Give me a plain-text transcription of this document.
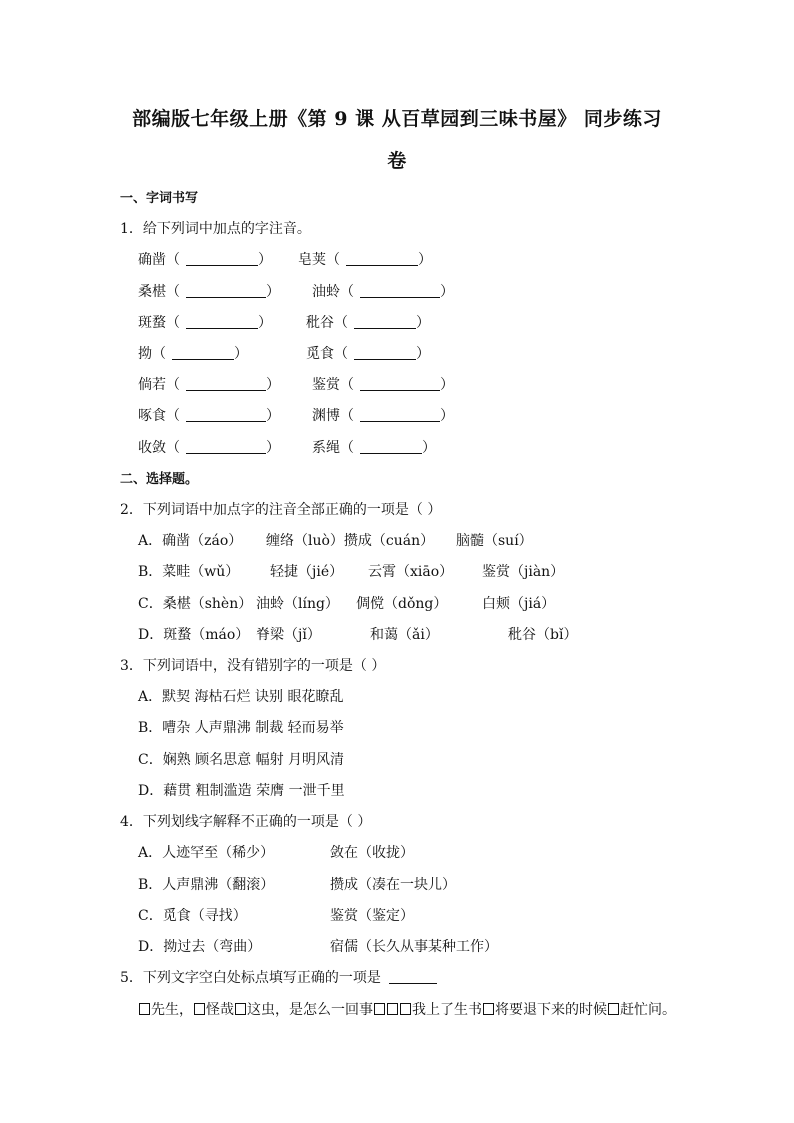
部编版七年级上册《第 9 课 从百草园到三味书屋》 同步练习
卷
一、字词书写
1．给下列词中加点的字注音。
确凿（	） 皂荚（	）
桑椹（	） 油蛉（	）
斑蝥（	） 秕谷（	）
拗（	）	觅食（	）
倘若（	） 鉴赏（	）
啄食（	） 渊博（	）
收敛（	） 系绳（	）
二、选择题。
2．下列词语中加点字的注音全部正确的一项是（ ）
A．确凿（záo） 缠络（luò）攒成（cuán） 脑髓（suí）
B．菜畦（wǔ） 轻捷（jié） 云霄（xiāo） 鉴赏（jiàn）
C．桑椹（shèn） 油蛉（líng） 倜傥（dǒng） 白颊（jiá）
D．斑蝥（máo） 脊梁（jǐ）	和蔼（ǎi）	秕谷（bǐ）
3．下列词语中，没有错别字的一项是（ ）
A．默契 海枯石烂 诀别 眼花瞭乱
B．嘈杂 人声鼎沸 制裁 轻而易举
C．娴熟 顾名思意 幅射 月明风清
D．藉贯 粗制滥造 荣膺 一泄千里
4．下列划线字解释不正确的一项是（ ）
A．人迹罕至（稀少）	敛在（收拢）
B．人声鼎沸（翻滚）	攒成（凑在一块儿）
C．觅食（寻找）	鉴赏（鉴定）
D．拗过去（弯曲）	宿儒（长久从事某种工作）
5．下列文字空白处标点填写正确的一项是
先生， 怪哉 这虫，是怎么一回事	我上了生书 将要退下来的时候 赶忙问。
